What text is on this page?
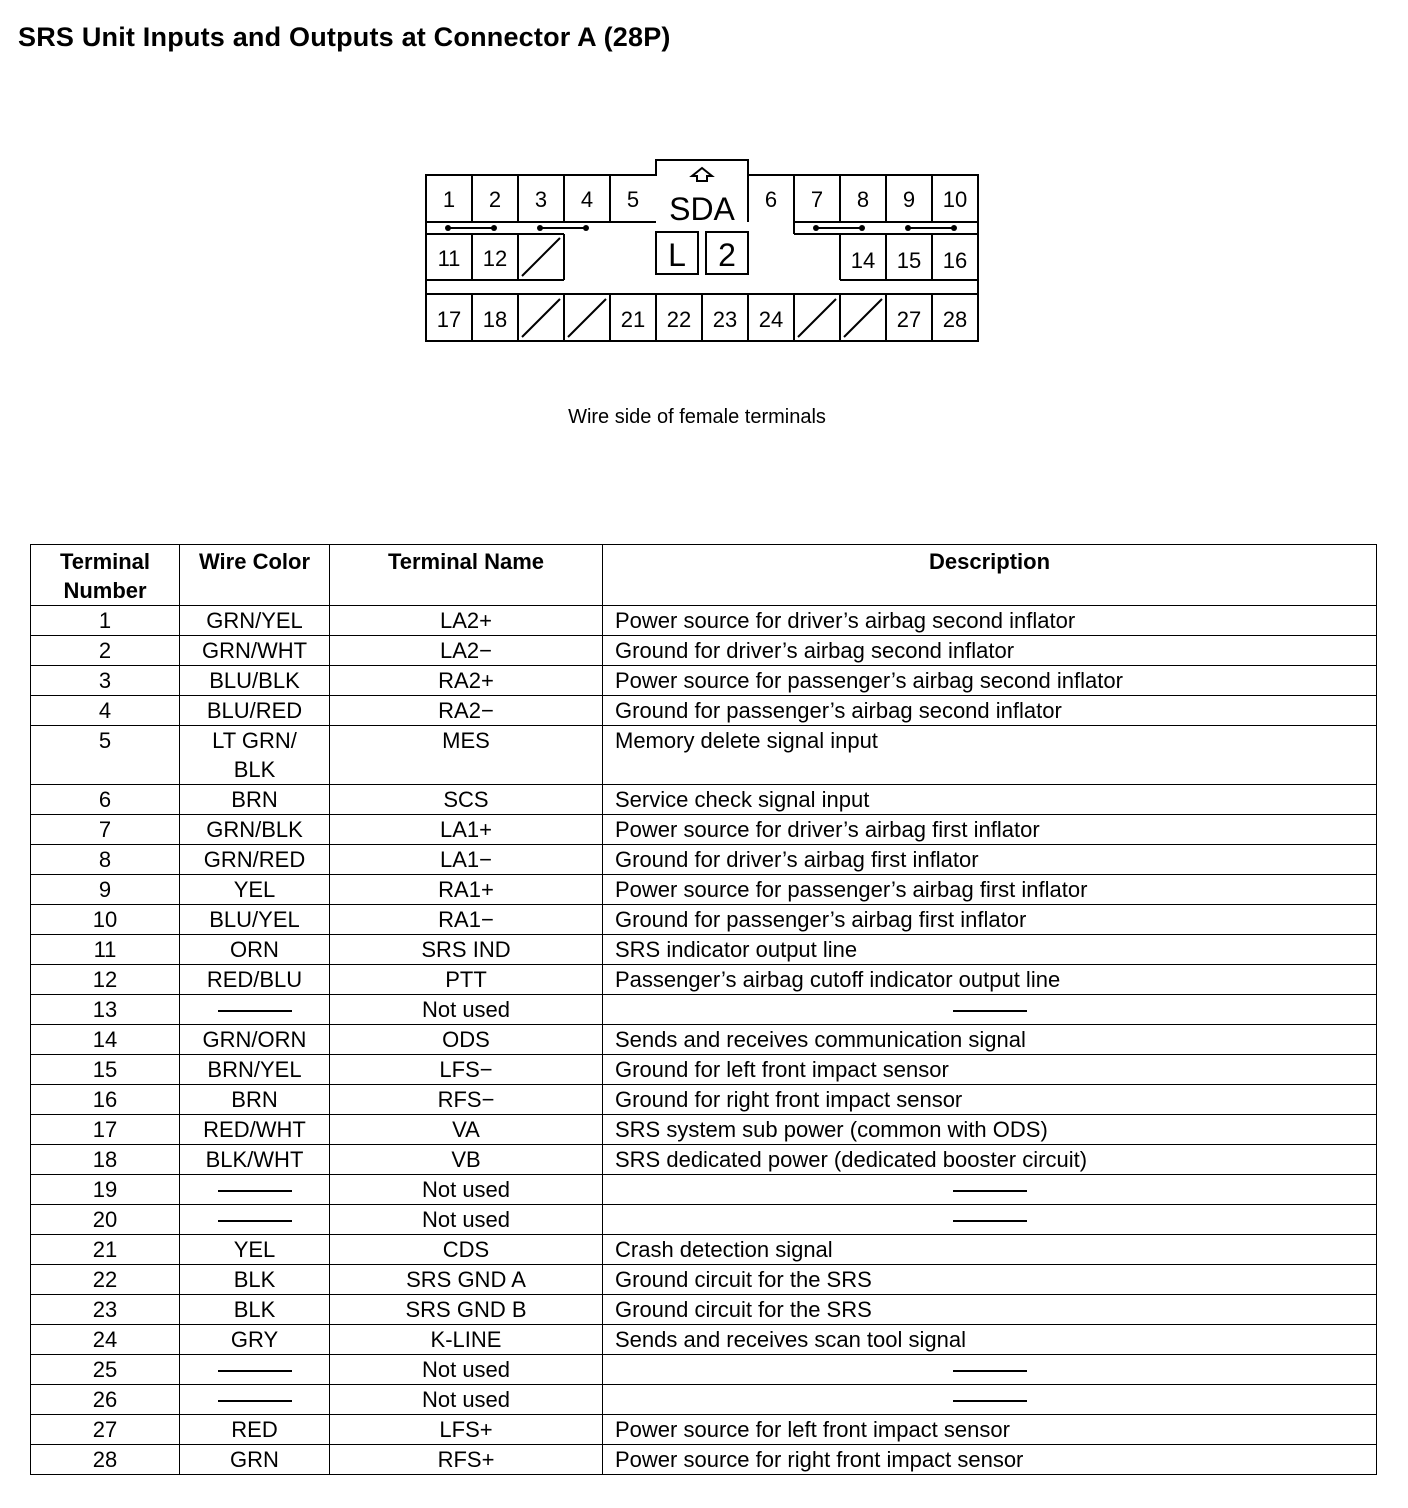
SRS Unit Inputs and Outputs at Connector A (28P)
1 2 3 4 5	6 7 8 9 10
11 12	14 15 16
17 18	21 22 23 24	27 28
SDA
L 2
Wire side of female terminals
Terminal
Number	Wire Color	Terminal Name	Description
1	GRN/YEL	LA2+	Power source for driver’s airbag second inflator
2	GRN/WHT	LA2−	Ground for driver’s airbag second inflator
3	BLU/BLK	RA2+	Power source for passenger’s airbag second inflator
4	BLU/RED	RA2−	Ground for passenger’s airbag second inflator
5	LT GRN/
BLK	MES	Memory delete signal input
6	BRN	SCS	Service check signal input
7	GRN/BLK	LA1+	Power source for driver’s airbag first inflator
8	GRN/RED	LA1−	Ground for driver’s airbag first inflator
9	YEL	RA1+	Power source for passenger’s airbag first inflator
10	BLU/YEL	RA1−	Ground for passenger’s airbag first inflator
11	ORN	SRS IND	SRS indicator output line
12	RED/BLU	PTT	Passenger’s airbag cutoff indicator output line
13		Not used	
14	GRN/ORN	ODS	Sends and receives communication signal
15	BRN/YEL	LFS−	Ground for left front impact sensor
16	BRN	RFS−	Ground for right front impact sensor
17	RED/WHT	VA	SRS system sub power (common with ODS)
18	BLK/WHT	VB	SRS dedicated power (dedicated booster circuit)
19		Not used	
20		Not used	
21	YEL	CDS	Crash detection signal
22	BLK	SRS GND A	Ground circuit for the SRS
23	BLK	SRS GND B	Ground circuit for the SRS
24	GRY	K-LINE	Sends and receives scan tool signal
25		Not used	
26		Not used	
27	RED	LFS+	Power source for left front impact sensor
28	GRN	RFS+	Power source for right front impact sensor
